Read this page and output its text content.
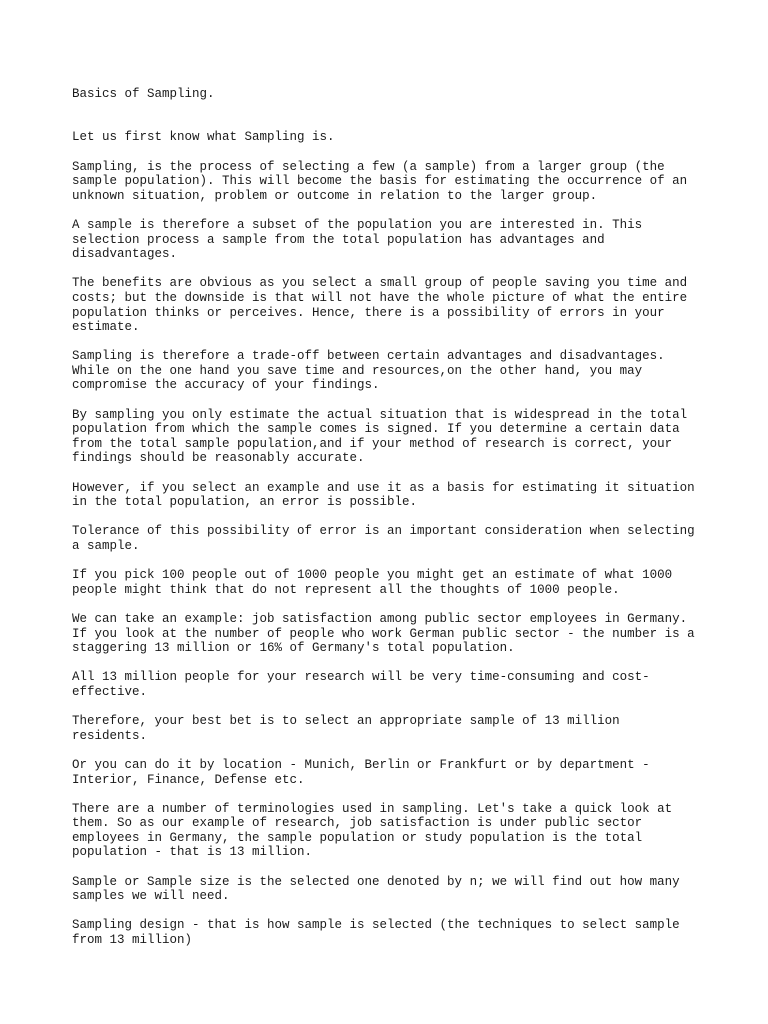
Basics of Sampling.

Let us first know what Sampling is.
Sampling, is the process of selecting a few (a sample) from a larger group (the
sample population). This will become the basis for estimating the occurrence of an
unknown situation, problem or outcome in relation to the larger group.
A sample is therefore a subset of the population you are interested in. This
selection process a sample from the total population has advantages and
disadvantages.
The benefits are obvious as you select a small group of people saving you time and
costs; but the downside is that will not have the whole picture of what the entire
population thinks or perceives. Hence, there is a possibility of errors in your
estimate.
Sampling is therefore a trade-off between certain advantages and disadvantages.
While on the one hand you save time and resources,on the other hand, you may
compromise the accuracy of your findings.
By sampling you only estimate the actual situation that is widespread in the total
population from which the sample comes is signed. If you determine a certain data
from the total sample population,and if your method of research is correct, your
findings should be reasonably accurate.
However, if you select an example and use it as a basis for estimating it situation
in the total population, an error is possible.
Tolerance of this possibility of error is an important consideration when selecting
a sample.
If you pick 100 people out of 1000 people you might get an estimate of what 1000
people might think that do not represent all the thoughts of 1000 people.
We can take an example: job satisfaction among public sector employees in Germany.
If you look at the number of people who work German public sector - the number is a
staggering 13 million or 16% of Germany's total population.
All 13 million people for your research will be very time-consuming and cost-
effective.
Therefore, your best bet is to select an appropriate sample of 13 million
residents.
Or you can do it by location - Munich, Berlin or Frankfurt or by department -
Interior, Finance, Defense etc.
There are a number of terminologies used in sampling. Let's take a quick look at
them. So as our example of research, job satisfaction is under public sector
employees in Germany, the sample population or study population is the total
population - that is 13 million.
Sample or Sample size is the selected one denoted by n; we will find out how many
samples we will need.
Sampling design - that is how sample is selected (the techniques to select sample
from 13 million)
